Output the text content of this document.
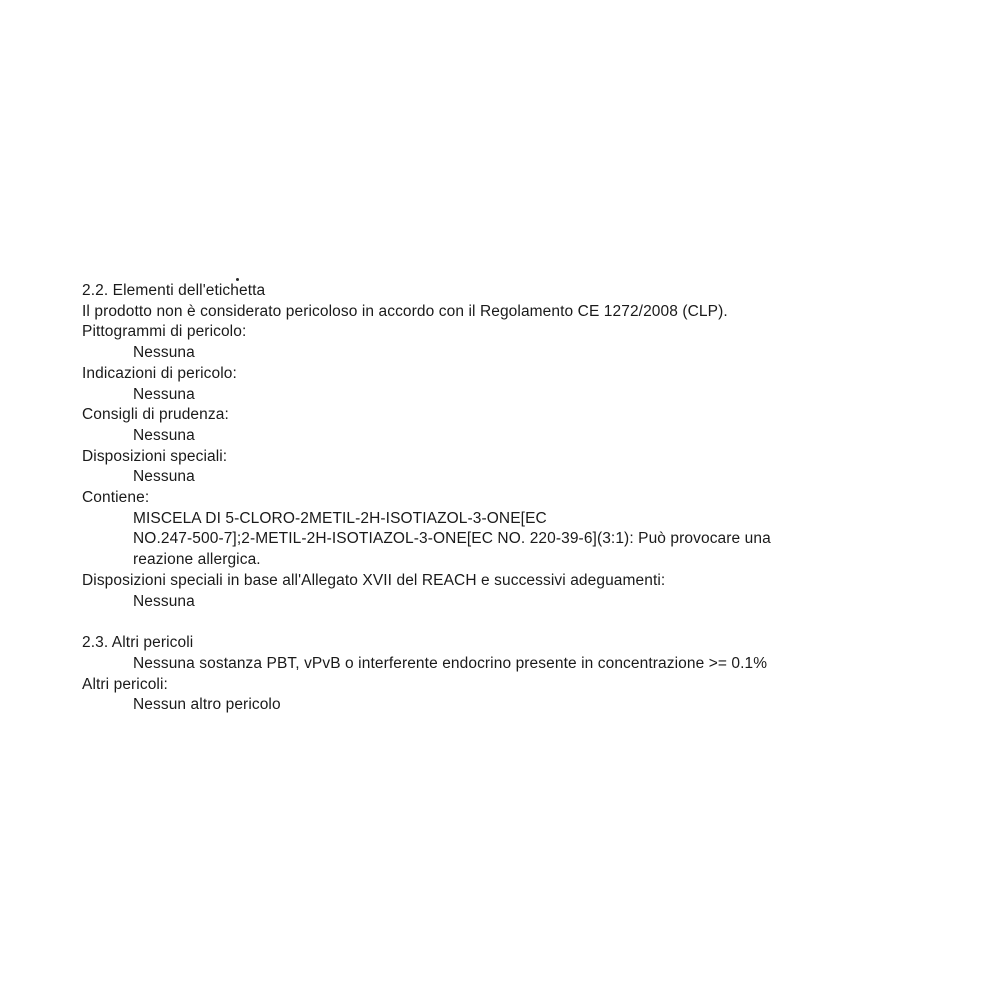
2.2. Elementi dell'etichetta
Il prodotto non è considerato pericoloso in accordo con il Regolamento CE 1272/2008 (CLP).
Pittogrammi di pericolo:
Nessuna
Indicazioni di pericolo:
Nessuna
Consigli di prudenza:
Nessuna
Disposizioni speciali:
Nessuna
Contiene:
MISCELA DI 5-CLORO-2METIL-2H-ISOTIAZOL-3-ONE[EC
NO.247-500-7];2-METIL-2H-ISOTIAZOL-3-ONE[EC NO. 220-39-6](3:1): Può provocare una
reazione allergica.
Disposizioni speciali in base all'Allegato XVII del REACH e successivi adeguamenti:
Nessuna
2.3. Altri pericoli
Nessuna sostanza PBT, vPvB o interferente endocrino presente in concentrazione >= 0.1%
Altri pericoli:
Nessun altro pericolo
